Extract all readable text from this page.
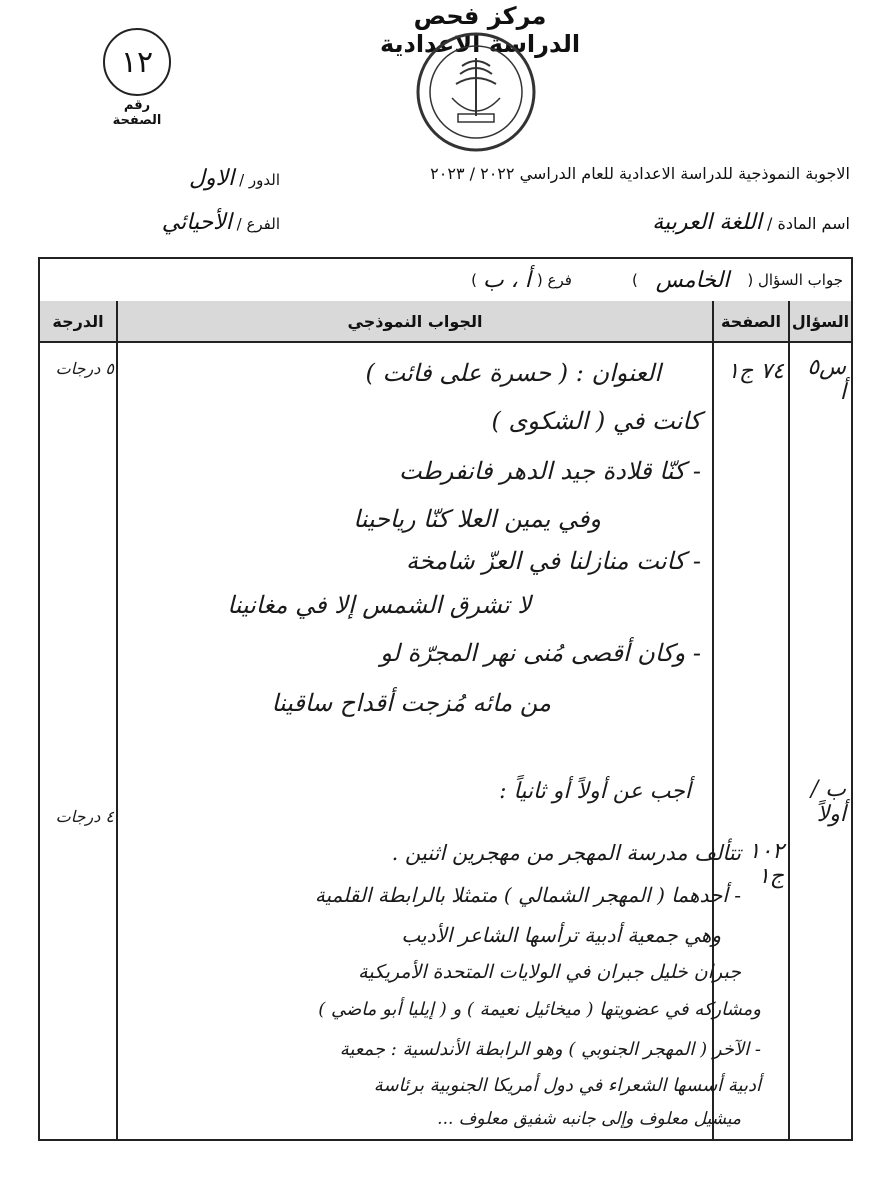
١٢
رقم الصفحة
مركز فحص الدراسة الاعدادية
الاجوبة النموذجية للدراسة الاعدادية للعام الدراسي ٢٠٢٢ / ٢٠٢٣
الدور / الاول
الفرع / الأحيائي	اسم المادة / اللغة العربية
جواب السؤال (
الخامس
)
فرع (
أ ، ب
)
السؤال
الصفحة
الجواب النموذجي
الدرجة
س٥ أ
٧٤ ج١
٥ درجات	العنوان : ( حسرة على فائت )
كانت في ( الشكوى )
- كنّا قلادة جيد الدهر فانفرطت
وفي يمين العلا كنّا رياحينا
- كانت منازلنا في العزّ شامخة
لا تشرق الشمس إلا في مغانينا
- وكان أقصى مُنى نهر المجرّة لو
من مائه مُزجت أقداح ساقينا
ب / أولاً
١٠٢ ج١
٤ درجات
أجب عن أولاً أو ثانياً :
تتألف مدرسة المهجر من مهجرين اثنين .
- أحدهما ( المهجر الشمالي ) متمثلا بالرابطة القلمية
وهي جمعية أدبية ترأسها الشاعر الأديب
جبران خليل جبران في الولايات المتحدة الأمريكية
ومشاركه في عضويتها ( ميخائيل نعيمة ) و ( إيليا أبو ماضي )
- الآخر ( المهجر الجنوبي ) وهو الرابطة الأندلسية : جمعية
أدبية أسسها الشعراء في دول أمريكا الجنوبية برئاسة
ميشيل معلوف وإلى جانبه شفيق معلوف ...
